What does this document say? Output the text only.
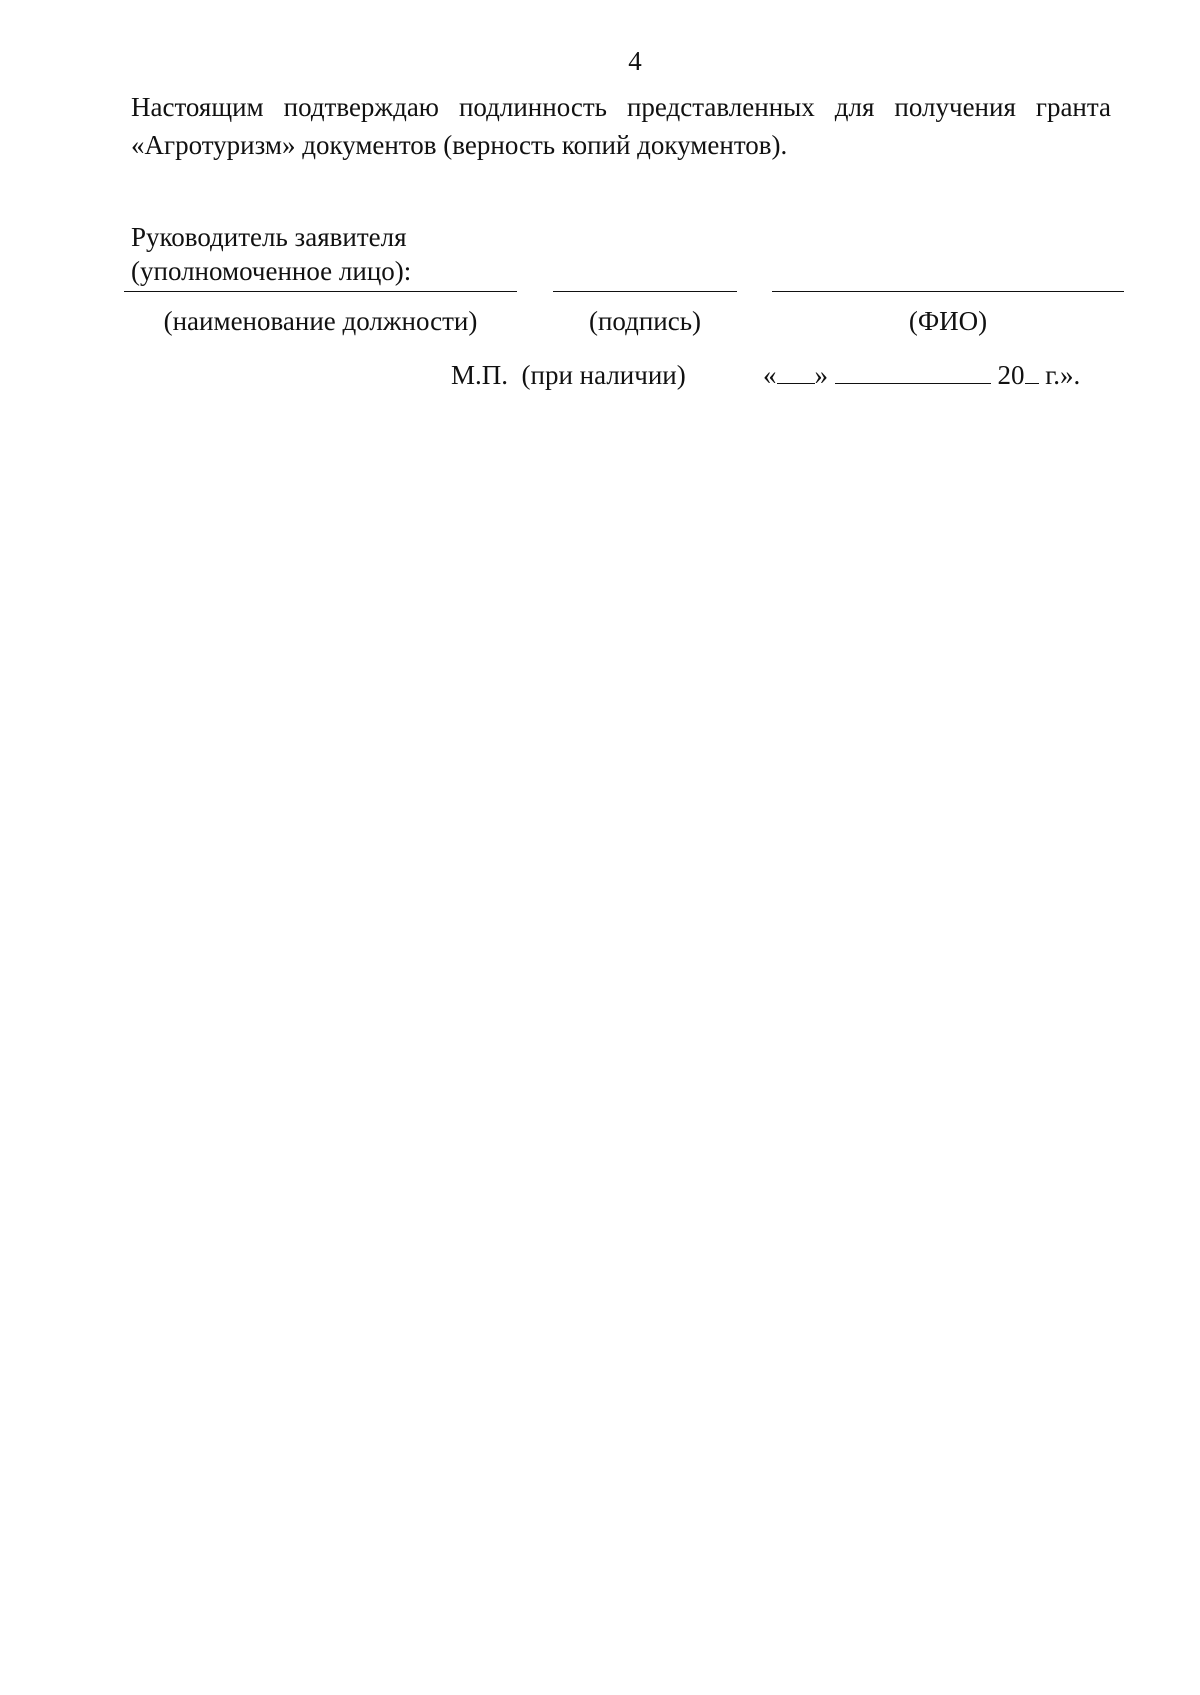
4
Настоящим подтверждаю подлинность представленных для получения гранта
«Агротуризм» документов (верность копий документов).
Руководитель заявителя
(уполномоченное лицо):
(наименование должности)	(подпись)	(ФИО)
М.П.  (при наличии)	« »	20 г.».
